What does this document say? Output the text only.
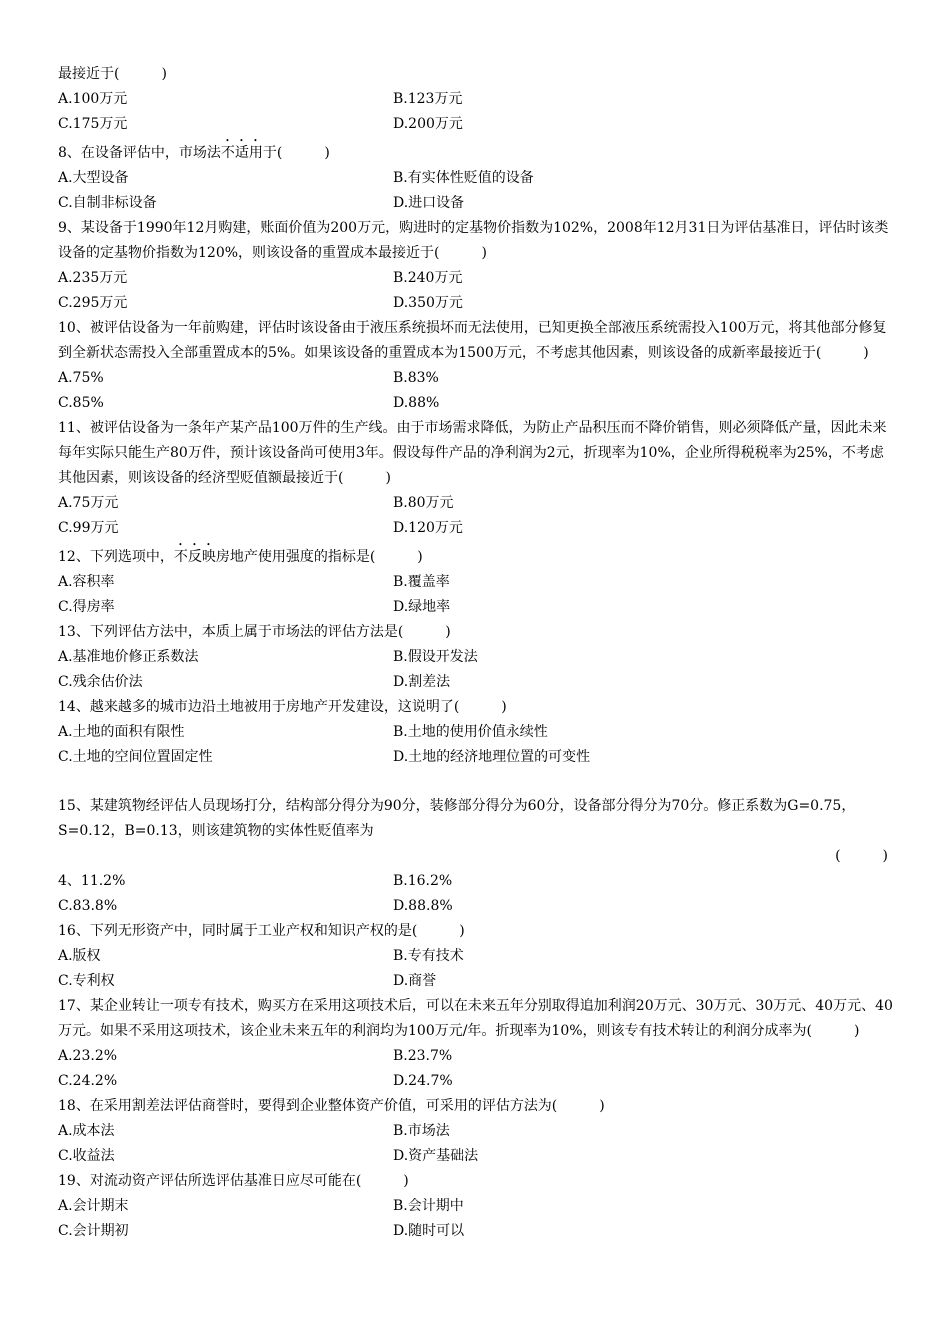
最接近于(　　　)

A.100万元	B.123万元
C.175万元	D.200万元

8、在设备评估中，市场法不适用于(　　　)

A.大型设备	B.有实体性贬值的设备
C.自制非标设备	D.进口设备

9、某设备于1990年12月购建，账面价值为200万元，购进时的定基物价指数为102%，2008年12月31日为评估基准日，评估时该类设备的定基物价指数为120%，则该设备的重置成本最接近于(　　　)

A.235万元	B.240万元
C.295万元	D.350万元

10、被评估设备为一年前购建，评估时该设备由于液压系统损坏而无法使用，已知更换全部液压系统需投入100万元，将其他部分修复到全新状态需投入全部重置成本的5%。如果该设备的重置成本为1500万元，不考虑其他因素，则该设备的成新率最接近于(　　　)

A.75%	B.83%
C.85%	D.88%

11、被评估设备为一条年产某产品100万件的生产线。由于市场需求降低，为防止产品积压而不降价销售，则必须降低产量，因此未来每年实际只能生产80万件，预计该设备尚可使用3年。假设每件产品的净利润为2元，折现率为10%，企业所得税税率为25%，不考虑其他因素，则该设备的经济型贬值额最接近于(　　　)

A.75万元	B.80万元
C.99万元	D.120万元

12、下列选项中，不反映房地产使用强度的指标是(　　　)

A.容积率	B.覆盖率
C.得房率	D.绿地率

13、下列评估方法中，本质上属于市场法的评估方法是(　　　)

A.基准地价修正系数法	B.假设开发法
C.残余估价法	D.割差法

14、越来越多的城市边沿土地被用于房地产开发建设，这说明了(　　　)

A.土地的面积有限性	B.土地的使用价值永续性
C.土地的空间位置固定性	D.土地的经济地理位置的可变性

15、某建筑物经评估人员现场打分，结构部分得分为90分，装修部分得分为60分，设备部分得分为70分。修正系数为G=0.75，S=0.12，B=0.13，则该建筑物的实体性贬值率为

(　　　)

4、11.2%	B.16.2%
C.83.8%	D.88.8%

16、下列无形资产中，同时属于工业产权和知识产权的是(　　　)

A.版权	B.专有技术
C.专利权	D.商誉

17、某企业转让一项专有技术，购买方在采用这项技术后，可以在未来五年分别取得追加利润20万元、30万元、30万元、40万元、40万元。如果不采用这项技术，该企业未来五年的利润均为100万元/年。折现率为10%，则该专有技术转让的利润分成率为(　　　)

A.23.2%	B.23.7%
C.24.2%	D.24.7%

18、在采用割差法评估商誉时，要得到企业整体资产价值，可采用的评估方法为(　　　)

A.成本法	B.市场法
C.收益法	D.资产基础法

19、对流动资产评估所选评估基准日应尽可能在(　　　)

A.会计期末	B.会计期中
C.会计期初	D.随时可以
